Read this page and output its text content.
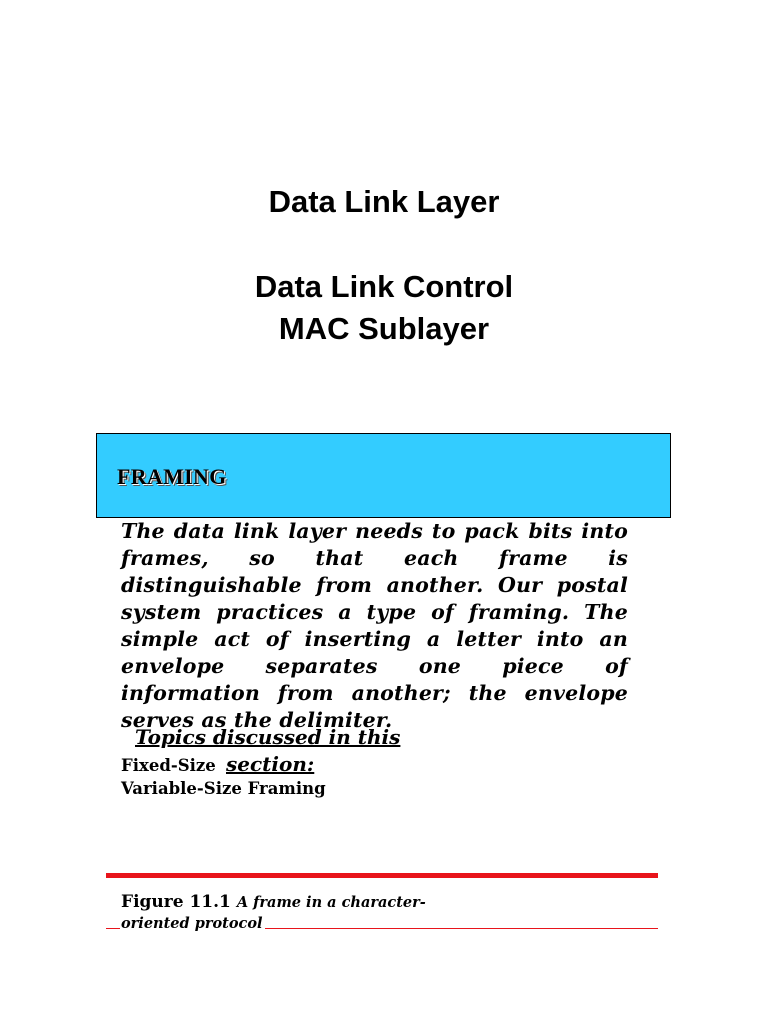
Data Link Layer
Data Link Control
MAC Sublayer
FRAMING

The data link layer needs to pack bits into frames, so that each frame is distinguishable from another. Our postal system practices a type of framing. The simple act of inserting a letter into an envelope separates one piece of information from another; the envelope serves as the delimiter.

Topics discussed in this
Fixed-Size section:
Variable-Size Framing
Figure 11.1 A frame in a character-
oriented protocol
